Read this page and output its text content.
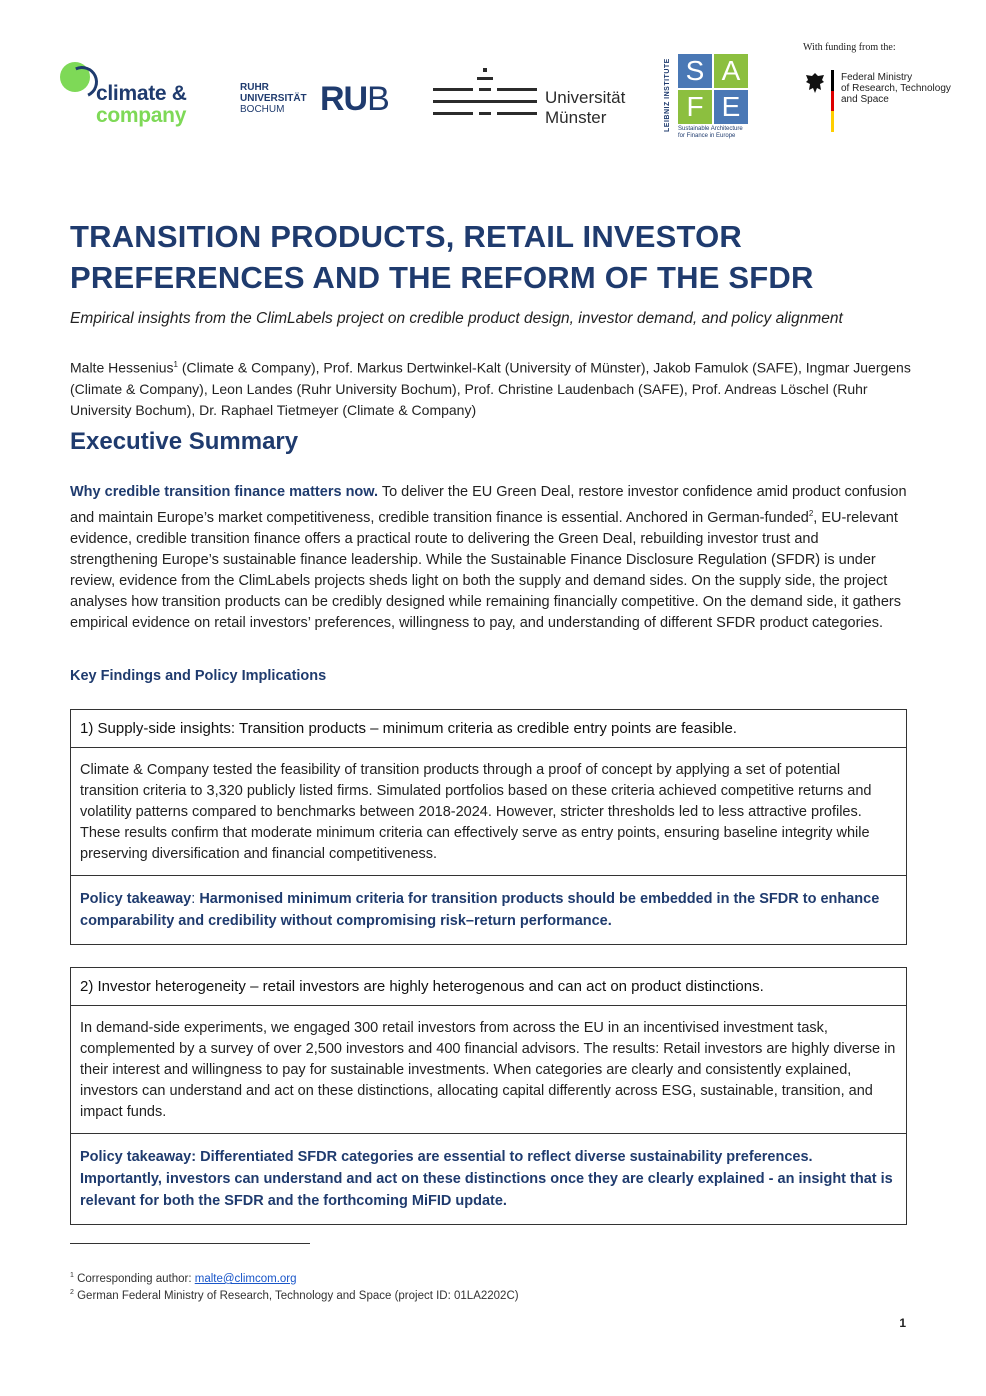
climate &
company
RUHR
UNIVERSITÄT
BOCHUM	RUB	Universität
Münster	LEIBNIZ INSTITUTE S A
F E
Sustainable Architecture
for Finance in Europe
With funding from the:
Federal Ministry
of Research, Technology
and Space
TRANSITION PRODUCTS, RETAIL INVESTOR PREFERENCES AND THE REFORM OF THE SFDR

Empirical insights from the ClimLabels project on credible product design, investor demand, and policy alignment

Malte Hessenius$^1$ (Climate & Company), Prof. Markus Dertwinkel-Kalt (University of Münster), Jakob Famulok (SAFE), Ingmar Juergens (Climate & Company), Leon Landes (Ruhr University Bochum), Prof. Christine Laudenbach (SAFE), Prof. Andreas Löschel (Ruhr University Bochum), Dr. Raphael Tietmeyer (Climate & Company)

Executive Summary

Why credible transition finance matters now. To deliver the EU Green Deal, restore investor confidence amid product confusion and maintain Europe’s market competitiveness, credible transition finance is essential. Anchored in German-funded$^2$, EU-relevant evidence, credible transition finance offers a practical route to delivering the Green Deal, rebuilding investor trust and strengthening Europe’s sustainable finance leadership. While the Sustainable Finance Disclosure Regulation (SFDR) is under review, evidence from the ClimLabels projects sheds light on both the supply and demand sides. On the supply side, the project analyses how transition products can be credibly designed while remaining financially competitive. On the demand side, it gathers empirical evidence on retail investors’ preferences, willingness to pay, and understanding of different SFDR product categories.

Key Findings and Policy Implications
1) Supply-side insights: Transition products – minimum criteria as credible entry points are feasible.
Climate & Company tested the feasibility of transition products through a proof of concept by applying a set of potential transition criteria to 3,320 publicly listed firms. Simulated portfolios based on these criteria achieved competitive returns and volatility patterns compared to benchmarks between 2018-2024. However, stricter thresholds led to less attractive profiles. These results confirm that moderate minimum criteria can effectively serve as entry points, ensuring baseline integrity while preserving diversification and financial competitiveness.
Policy takeaway: Harmonised minimum criteria for transition products should be embedded in the SFDR to enhance comparability and credibility without compromising risk–return performance.
2) Investor heterogeneity – retail investors are highly heterogenous and can act on product distinctions.
In demand-side experiments, we engaged 300 retail investors from across the EU in an incentivised investment task, complemented by a survey of over 2,500 investors and 400 financial advisors. The results: Retail investors are highly diverse in their interest and willingness to pay for sustainable investments. When categories are clearly and consistently explained, investors can understand and act on these distinctions, allocating capital differently across ESG, sustainable, transition, and impact funds.
Policy takeaway: Differentiated SFDR categories are essential to reflect diverse sustainability preferences. Importantly, investors can understand and act on these distinctions once they are clearly explained - an insight that is relevant for both the SFDR and the forthcoming MiFID update.
$^1$ Corresponding author: malte@climcom.org
$^2$ German Federal Ministry of Research, Technology and Space (project ID: 01LA2202C)
1
